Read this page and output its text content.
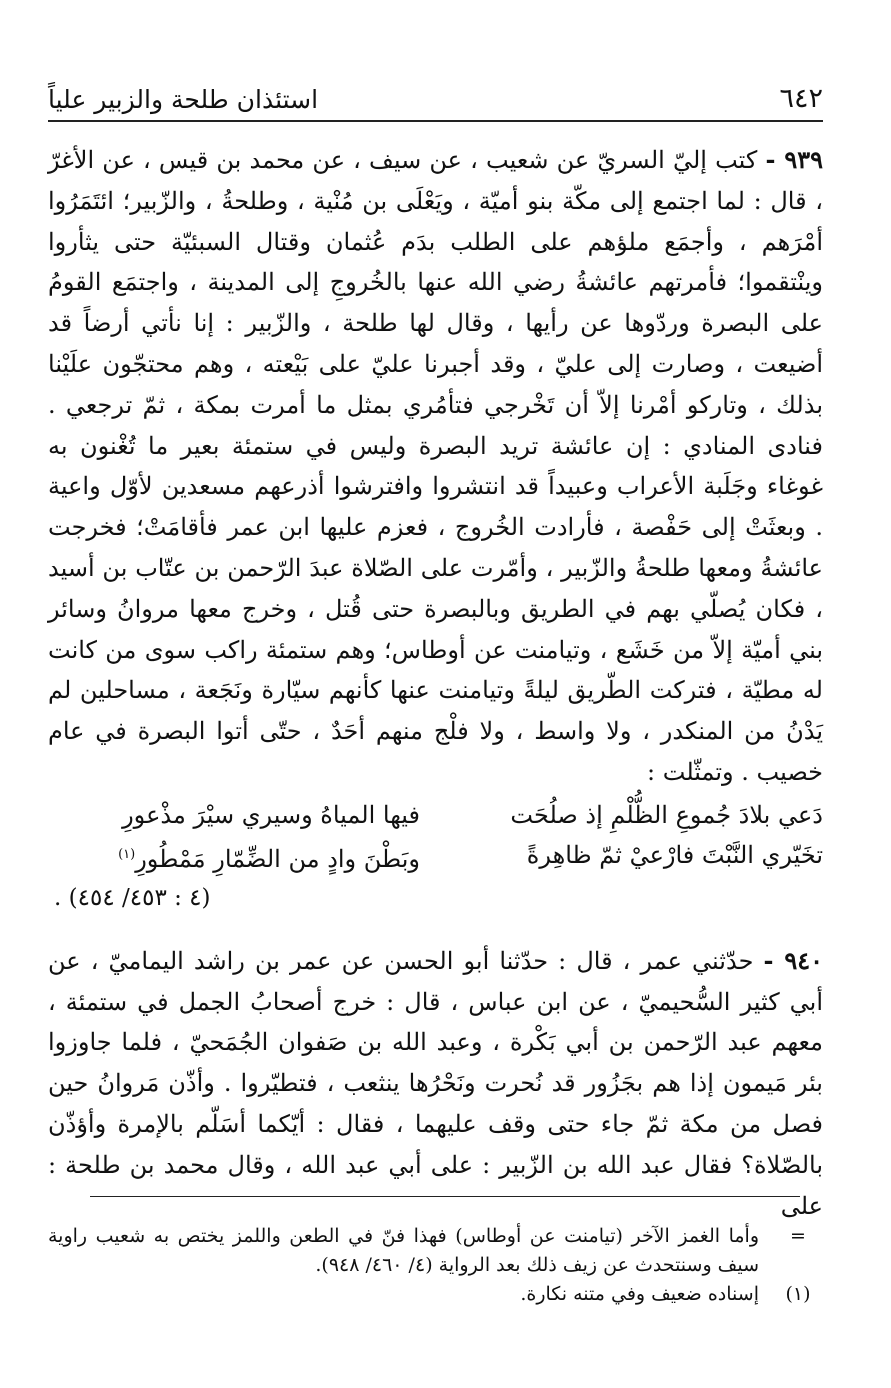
٦٤٢
استئذان طلحة والزبير علياً

٩٣٩ - كتب إليّ السريّ عن شعيب ، عن سيف ، عن محمد بن قيس ، عن الأغرّ ، قال : لما اجتمع إلى مكّة بنو أميّة ، ويَعْلَى بن مُنْية ، وطلحةُ ، والزّبير؛ ائتَمَرُوا أمْرَهم ، وأجمَع ملؤهم على الطلب بدَم عُثمان وقتال السبئيّة حتى يثأروا وينْتقموا؛ فأمرتهم عائشةُ رضي الله عنها بالخُروجِ إلى المدينة ، واجتمَع القومُ على البصرة وردّوها عن رأيها ، وقال لها طلحة ، والزّبير : إنا نأتي أرضاً قد أضيعت ، وصارت إلى عليّ ، وقد أجبرنا عليّ على بَيْعته ، وهم محتجّون علَيْنا بذلك ، وتاركو أمْرنا إلاّ أن تَخْرجي فتأمُري بمثل ما أمرت بمكة ، ثمّ ترجعي . فنادى المنادي : إن عائشة تريد البصرة وليس في ستمئة بعير ما تُغْنون به غوغاء وجَلَبة الأعراب وعبيداً قد انتشروا وافترشوا أذرعهم مسعدين لأوّل واعية . وبعثَتْ إلى حَفْصة ، فأرادت الخُروج ، فعزم عليها ابن عمر فأقامَتْ؛ فخرجت عائشةُ ومعها طلحةُ والزّبير ، وأمّرت على الصّلاة عبدَ الرّحمن بن عتّاب بن أسيد ، فكان يُصلّي بهم في الطريق وبالبصرة حتى قُتل ، وخرج معها مروانُ وسائر بني أميّة إلاّ من خَشَع ، وتيامنت عن أوطاس؛ وهم ستمئة راكب سوى من كانت له مطيّة ، فتركت الطّريق ليلةً وتيامنت عنها كأنهم سيّارة ونَجَعة ، مساحلين لم يَدْنُ من المنكدر ، ولا واسط ، ولا فلْج منهم أحَدٌ ، حتّى أتوا البصرة في عام خصيب . وتمثّلت :

دَعي بلادَ جُموعِ الظُّلْمِ إذ صلُحَت
فيها المياهُ وسيري سيْرَ مذْعورِ
تخَيّري النَّبْتَ فارْعيْ ثمّ ظاهِرةً
وبَطْنَ وادٍ من الضِّمّارِ مَمْطُورِ$^{(١)}$
(٤ : ٤٥٣/ ٤٥٤) .

٩٤٠ - حدّثني عمر ، قال : حدّثنا أبو الحسن عن عمر بن راشد اليماميّ ، عن أبي كثير السُّحيميّ ، عن ابن عباس ، قال : خرج أصحابُ الجمل في ستمئة ، معهم عبد الرّحمن بن أبي بَكْرة ، وعبد الله بن صَفوان الجُمَحيّ ، فلما جاوزوا بئر مَيمون إذا هم بجَزُور قد نُحرت ونَحْرُها ينثعب ، فتطيّروا . وأذّن مَروانُ حين فصل من مكة ثمّ جاء حتى وقف عليهما ، فقال : أيّكما أسَلّم بالإمرة وأؤذّن بالصّلاة؟ فقال عبد الله بن الزّبير : على أبي عبد الله ، وقال محمد بن طلحة : على

=
وأما الغمز الآخر (تيامنت عن أوطاس) فهذا فنّ في الطعن واللمز يختص به شعيب راوية سيف وسنتحدث عن زيف ذلك بعد الرواية (٤/ ٤٦٠/ ٩٤٨).
(١)
إسناده ضعيف وفي متنه نكارة.
